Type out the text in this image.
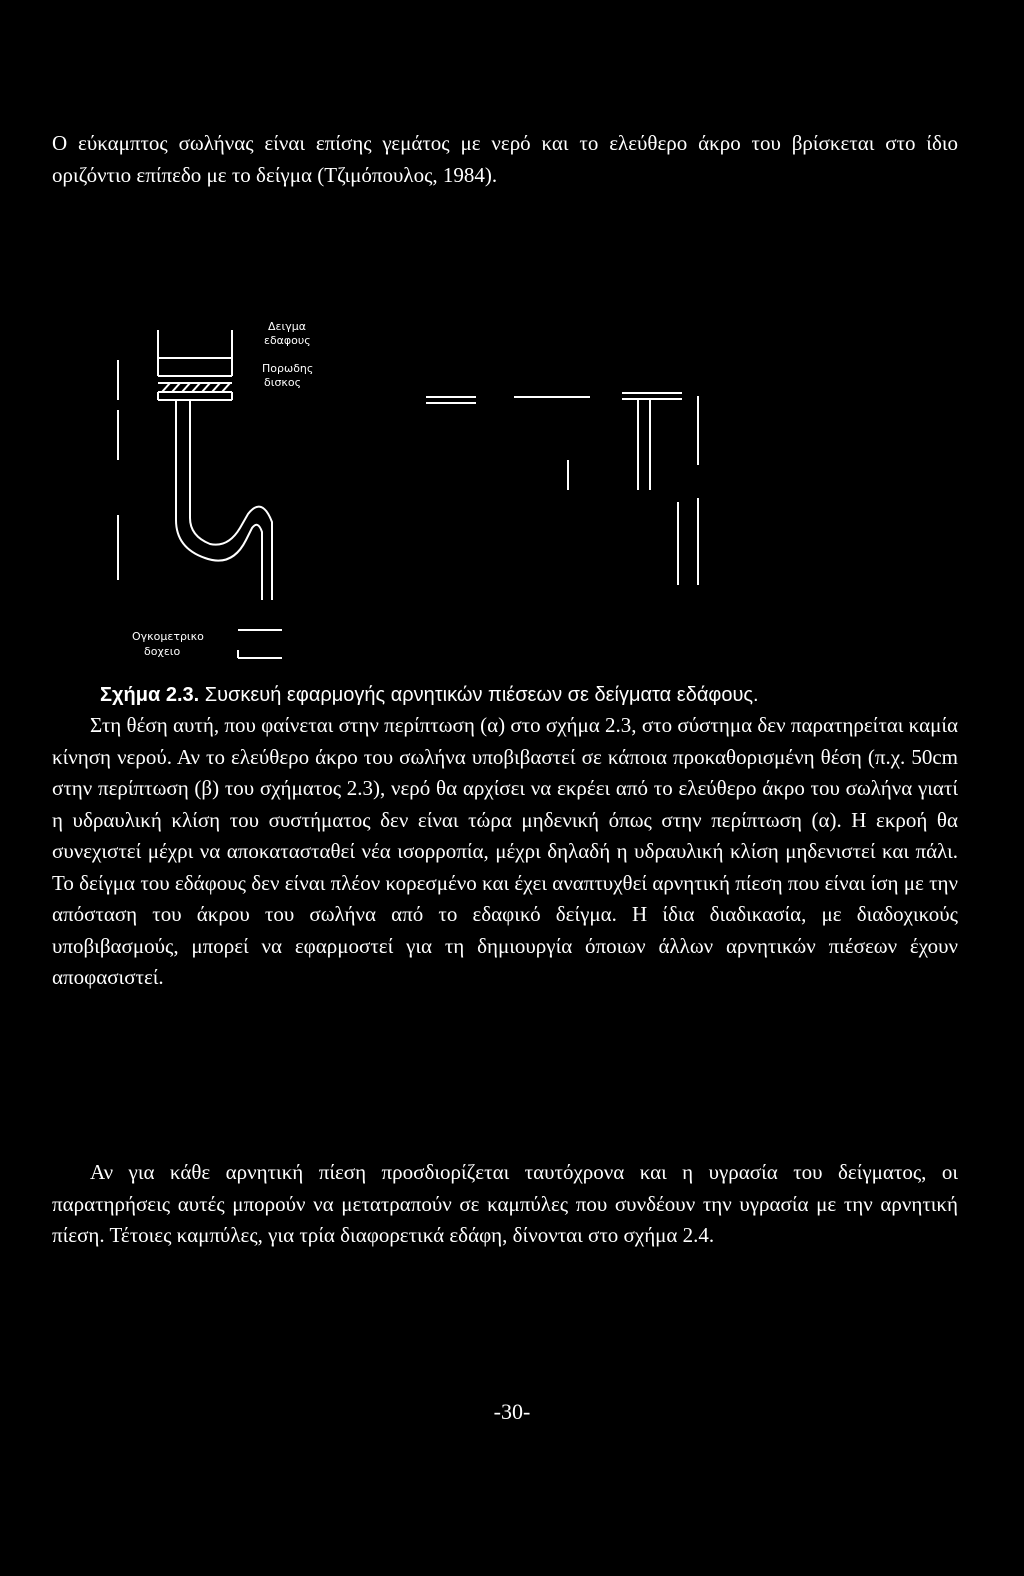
Ο εύκαμπτος σωλήνας είναι επίσης γεμάτος με νερό και το ελεύθερο άκρο του βρίσκεται στο ίδιο οριζόντιο επίπεδο με το δείγμα (Τζιμόπουλος, 1984).

Δειγμα
εδαφους
Πορωδης
δισκος
Ογκομετρικο
δοχειο
Σχήμα 2.3. Συσκευή εφαρμογής αρνητικών πιέσεων σε δείγματα εδάφους.

Στη θέση αυτή, που φαίνεται στην περίπτωση (α) στο σχήμα 2.3, στο σύστημα δεν παρατηρείται καμία κίνηση νερού. Αν το ελεύθερο άκρο του σωλήνα υποβιβαστεί σε κάποια προκαθορισμένη θέση (π.χ. 50cm στην περίπτωση (β) του σχήματος 2.3), νερό θα αρχίσει να εκρέει από το ελεύθερο άκρο του σωλήνα γιατί η υδραυλική κλίση του συστήματος δεν είναι τώρα μηδενική όπως στην περίπτωση (α). Η εκροή θα συνεχιστεί μέχρι να αποκατασταθεί νέα ισορροπία, μέχρι δηλαδή η υδραυλική κλίση μηδενιστεί και πάλι. Το δείγμα του εδάφους δεν είναι πλέον κορεσμένο και έχει αναπτυχθεί αρνητική πίεση που είναι ίση με την απόσταση του άκρου του σωλήνα από το εδαφικό δείγμα. Η ίδια διαδικασία, με διαδοχικούς υποβιβασμούς, μπορεί να εφαρμοστεί για τη δημιουργία όποιων άλλων αρνητικών πιέσεων έχουν αποφασιστεί.

Αν για κάθε αρνητική πίεση προσδιορίζεται ταυτόχρονα και η υγρασία του δείγματος, οι παρατηρήσεις αυτές μπορούν να μετατραπούν σε καμπύλες που συνδέουν την υγρασία με την αρνητική πίεση. Τέτοιες καμπύλες, για τρία διαφορετικά εδάφη, δίνονται στο σχήμα 2.4.

-30-
